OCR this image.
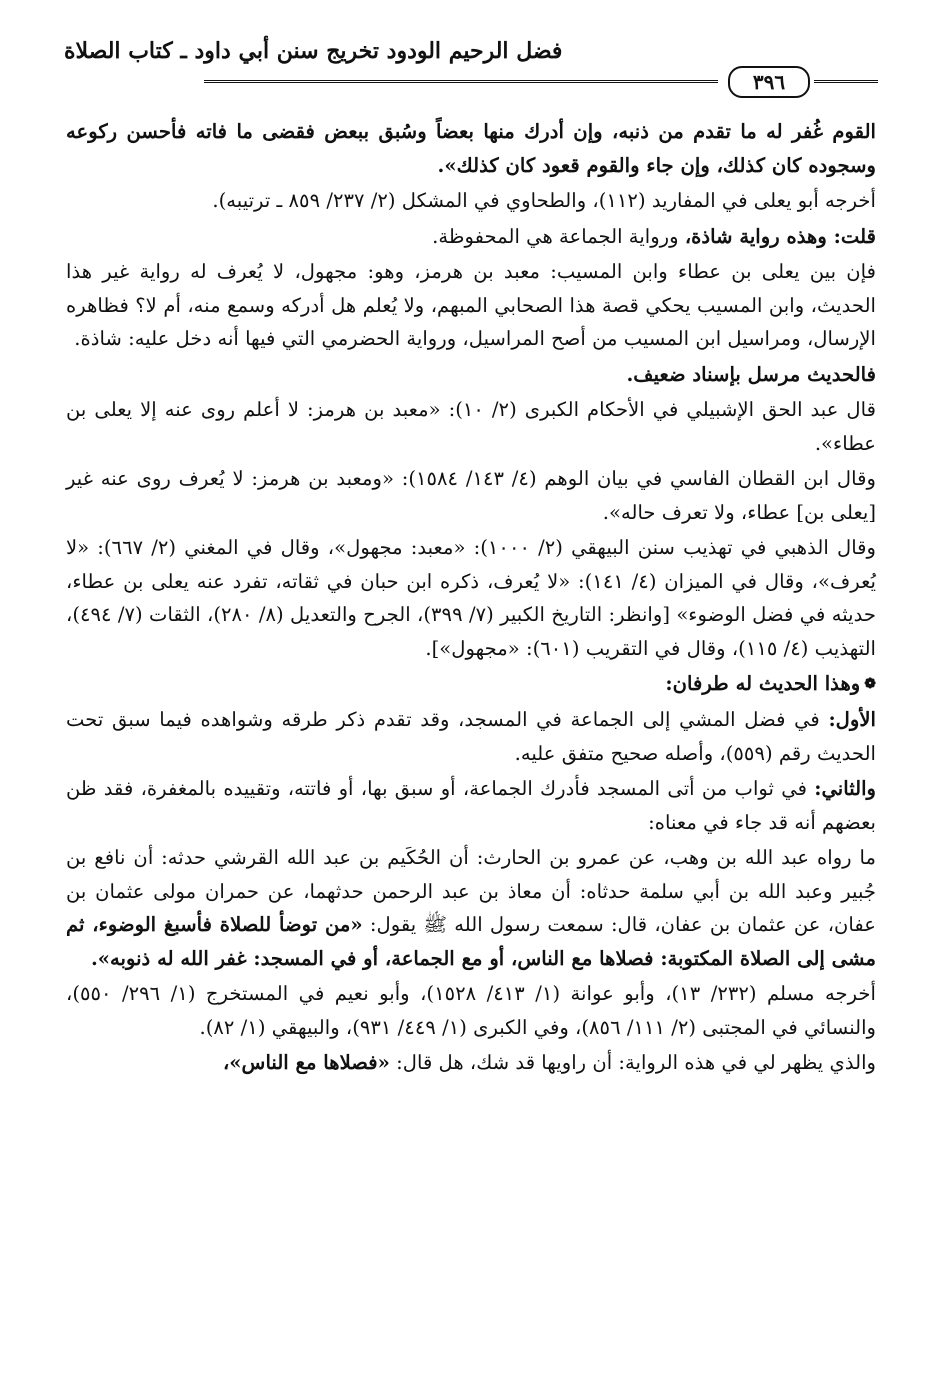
٣٩٦
فضل الرحيم الودود تخريج سنن أبي داود ـ كتاب الصلاة

القوم غُفر له ما تقدم من ذنبه، وإن أدرك منها بعضاً وسُبق ببعض فقضى ما فاته فأحسن ركوعه وسجوده كان كذلك، وإن جاء والقوم قعود كان كذلك».

أخرجه أبو يعلى في المفاريد (١١٢)، والطحاوي في المشكل (٢/ ٢٣٧/ ٨٥٩ ـ ترتيبه).

قلت: وهذه رواية شاذة، ورواية الجماعة هي المحفوظة.

فإن بين يعلى بن عطاء وابن المسيب: معبد بن هرمز، وهو: مجهول، لا يُعرف له رواية غير هذا الحديث، وابن المسيب يحكي قصة هذا الصحابي المبهم، ولا يُعلم هل أدركه وسمع منه، أم لا؟ فظاهره الإرسال، ومراسيل ابن المسيب من أصح المراسيل، ورواية الحضرمي التي فيها أنه دخل عليه: شاذة.

فالحديث مرسل بإسناد ضعيف.

قال عبد الحق الإشبيلي في الأحكام الكبرى (٢/ ١٠): «معبد بن هرمز: لا أعلم روى عنه إلا يعلى بن عطاء».

وقال ابن القطان الفاسي في بيان الوهم (٤/ ١٤٣/ ١٥٨٤): «ومعبد بن هرمز: لا يُعرف روى عنه غير [يعلى بن] عطاء، ولا تعرف حاله».

وقال الذهبي في تهذيب سنن البيهقي (٢/ ١٠٠٠): «معبد: مجهول»، وقال في المغني (٢/ ٦٦٧): «لا يُعرف»، وقال في الميزان (٤/ ١٤١): «لا يُعرف، ذكره ابن حبان في ثقاته، تفرد عنه يعلى بن عطاء، حديثه في فضل الوضوء» [وانظر: التاريخ الكبير (٧/ ٣٩٩)، الجرح والتعديل (٨/ ٢٨٠)، الثقات (٧/ ٤٩٤)، التهذيب (٤/ ١١٥)، وقال في التقريب (٦٠١): «مجهول»].

❁وهذا الحديث له طرفان:

الأول: في فضل المشي إلى الجماعة في المسجد، وقد تقدم ذكر طرقه وشواهده فيما سبق تحت الحديث رقم (٥٥٩)، وأصله صحيح متفق عليه.

والثاني: في ثواب من أتى المسجد فأدرك الجماعة، أو سبق بها، أو فاتته، وتقييده بالمغفرة، فقد ظن بعضهم أنه قد جاء في معناه:

ما رواه عبد الله بن وهب، عن عمرو بن الحارث: أن الحُكَيم بن عبد الله القرشي حدثه: أن نافع بن جُبير وعبد الله بن أبي سلمة حدثاه: أن معاذ بن عبد الرحمن حدثهما، عن حمران مولى عثمان بن عفان، عن عثمان بن عفان، قال: سمعت رسول الله ﷺ يقول: «من توضأ للصلاة فأسبغ الوضوء، ثم مشى إلى الصلاة المكتوبة: فصلاها مع الناس، أو مع الجماعة، أو في المسجد: غفر الله له ذنوبه».

أخرجه مسلم (٢٣٢/ ١٣)، وأبو عوانة (١/ ٤١٣/ ١٥٢٨)، وأبو نعيم في المستخرج (١/ ٢٩٦/ ٥٥٠)، والنسائي في المجتبى (٢/ ١١١/ ٨٥٦)، وفي الكبرى (١/ ٤٤٩/ ٩٣١)، والبيهقي (١/ ٨٢).

والذي يظهر لي في هذه الرواية: أن راويها قد شك، هل قال: «فصلاها مع الناس»،
